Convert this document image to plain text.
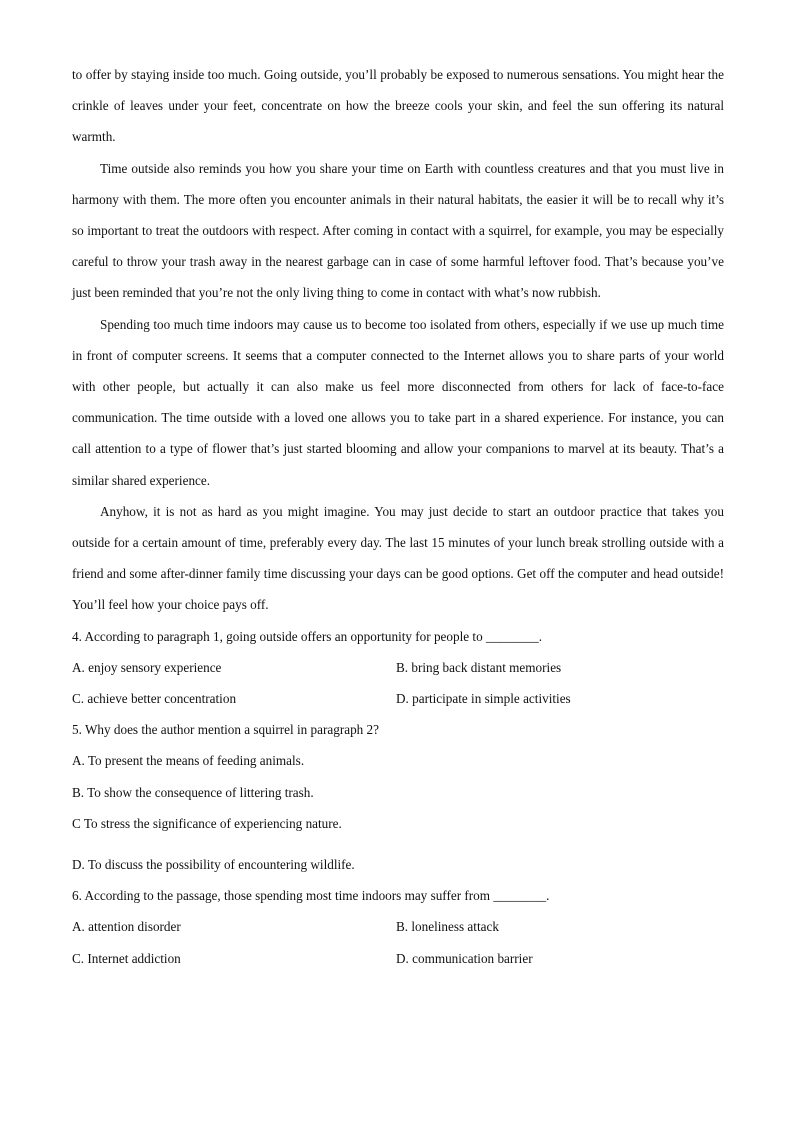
to offer by staying inside too much. Going outside, you’ll probably be exposed to numerous sensations. You might hear the crinkle of leaves under your feet, concentrate on how the breeze cools your skin, and feel the sun offering its natural warmth.

Time outside also reminds you how you share your time on Earth with countless creatures and that you must live in harmony with them. The more often you encounter animals in their natural habitats, the easier it will be to recall why it’s so important to treat the outdoors with respect. After coming in contact with a squirrel, for example, you may be especially careful to throw your trash away in the nearest garbage can in case of some harmful leftover food. That’s because you’ve just been reminded that you’re not the only living thing to come in contact with what’s now rubbish.

Spending too much time indoors may cause us to become too isolated from others, especially if we use up much time in front of computer screens. It seems that a computer connected to the Internet allows you to share parts of your world with other people, but actually it can also make us feel more disconnected from others for lack of face-to-face communication. The time outside with a loved one allows you to take part in a shared experience. For instance, you can call attention to a type of flower that’s just started blooming and allow your companions to marvel at its beauty. That’s a similar shared experience.

Anyhow, it is not as hard as you might imagine. You may just decide to start an outdoor practice that takes you outside for a certain amount of time, preferably every day. The last 15 minutes of your lunch break strolling outside with a friend and some after-dinner family time discussing your days can be good options. Get off the computer and head outside! You’ll feel how your choice pays off.

4. According to paragraph 1, going outside offers an opportunity for people to ________.
A. enjoy sensory experience	B. bring back distant memories
C. achieve better concentration	D. participate in simple activities
5. Why does the author mention a squirrel in paragraph 2?
A. To present the means of feeding animals.
B. To show the consequence of littering trash.
C To stress the significance of experiencing nature.
D. To discuss the possibility of encountering wildlife.
6. According to the passage, those spending most time indoors may suffer from ________.
A. attention disorder	B. loneliness attack
C. Internet addiction	D. communication barrier
